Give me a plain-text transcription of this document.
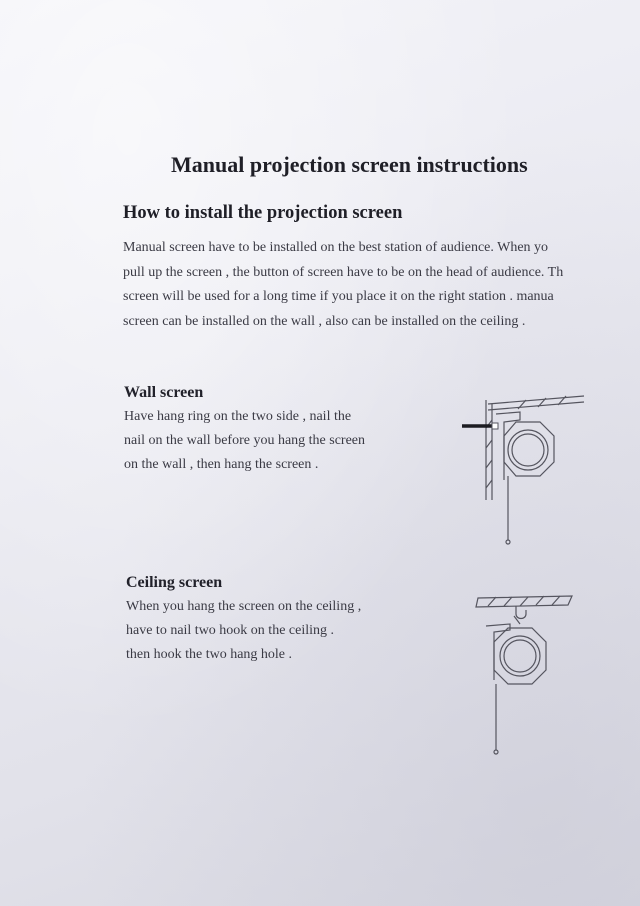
Manual projection screen instructions
How to install the projection screen
Manual screen have to be installed on the best station of audience. When yo
pull up the screen , the button of screen have to be on the head of audience. Th
screen will be used for a long time if you place it on the right station . manua
screen can be installed on the wall , also can be installed on the ceiling .
Wall screen
Have hang ring on the two side , nail the
nail on the wall before you hang the screen
on the wall , then hang the screen .
Ceiling screen
When you hang the screen on the ceiling ,
have to nail two hook on the ceiling .
then hook the two hang hole .
